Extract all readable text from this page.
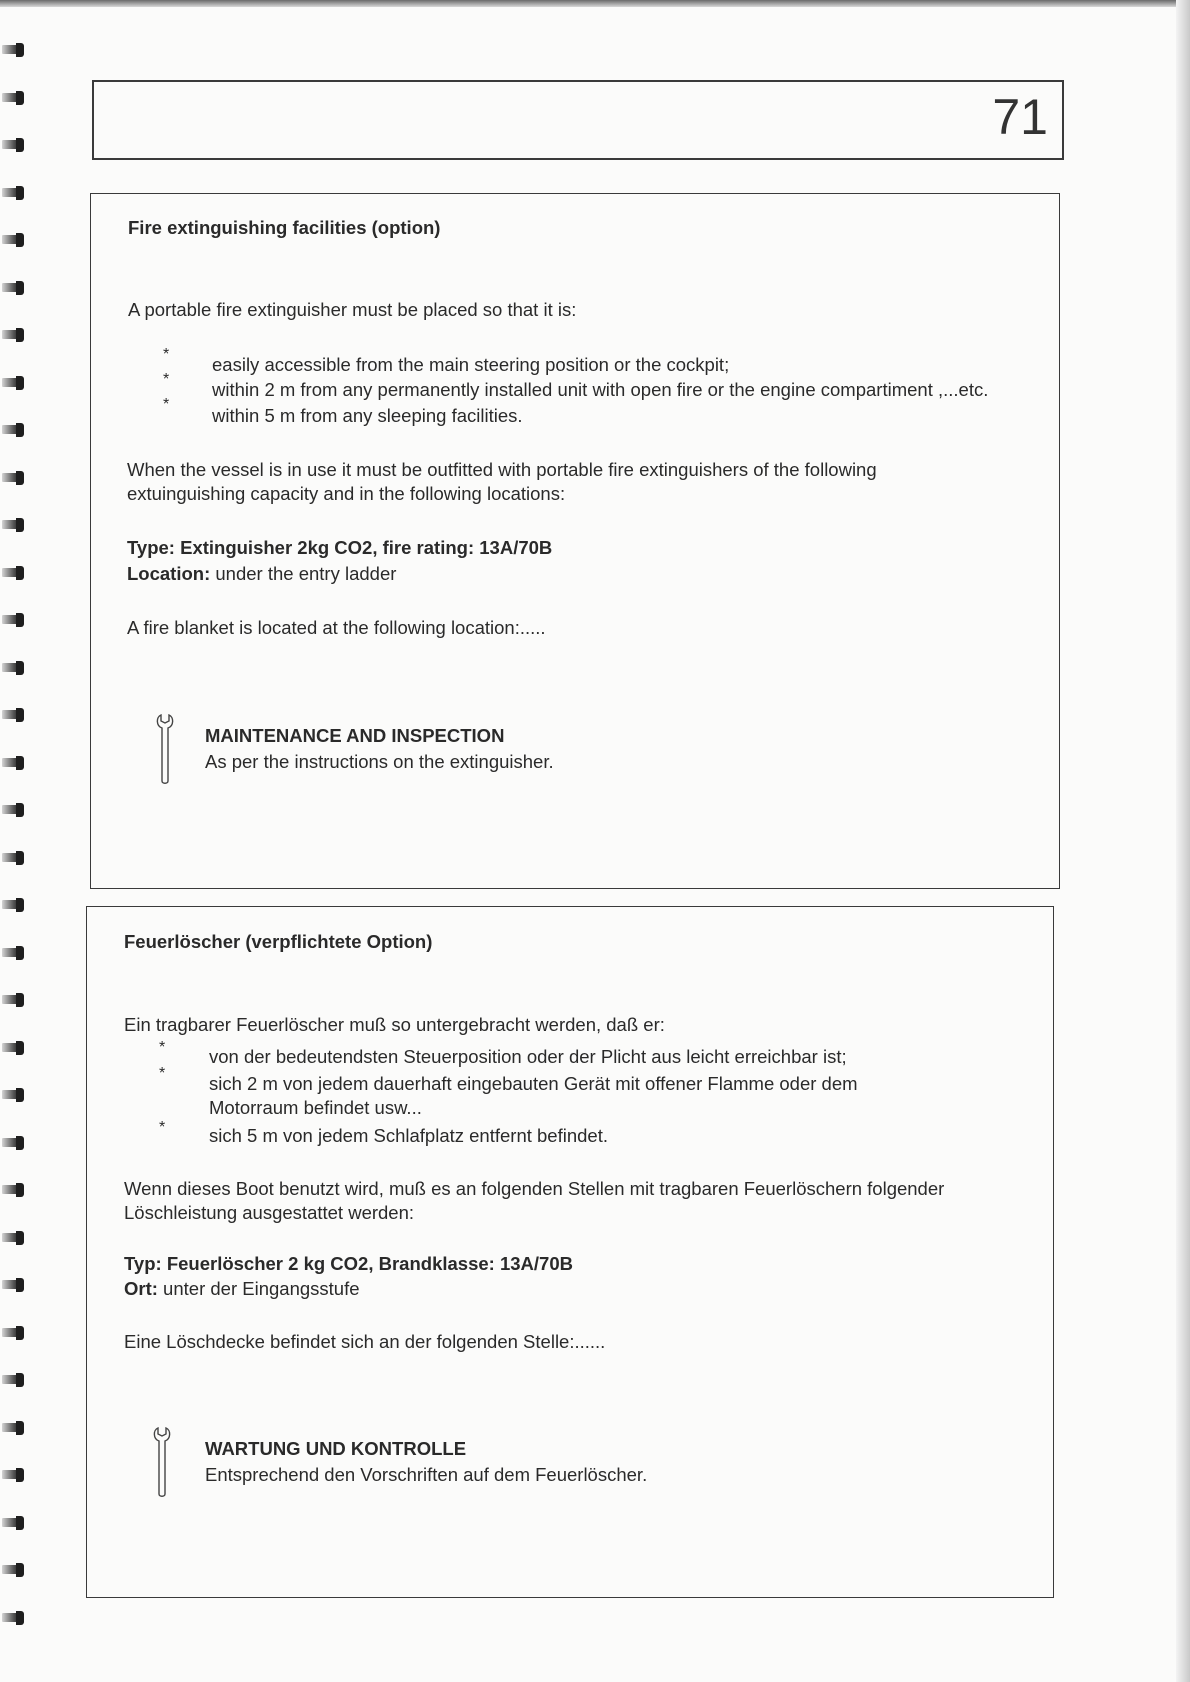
71
Fire extinguishing facilities (option)
A portable fire extinguisher must be placed so that it is:
* easily accessible from the main steering position or the cockpit;
* within 2 m from any permanently installed unit with open fire or the engine compartiment ,...etc.
*
within 5 m from any sleeping facilities.
When the vessel is in use it must be outfitted with portable fire extinguishers of the following
extuinguishing capacity and in the following locations:
Type: Extinguisher 2kg CO2, fire rating: 13A/70B
Location: under the entry ladder
A fire blanket is located at the following location:.....
MAINTENANCE AND INSPECTION
As per the instructions on the extinguisher.
Feuerlöscher (verpflichtete Option)
Ein tragbarer Feuerlöscher muß so untergebracht werden, daß er:
* von der bedeutendsten Steuerposition oder der Plicht aus leicht erreichbar ist;
* sich 2 m von jedem dauerhaft eingebauten Gerät mit offener Flamme oder dem
Motorraum befindet usw...
* sich 5 m von jedem Schlafplatz entfernt befindet.
Wenn dieses Boot benutzt wird, muß es an folgenden Stellen mit tragbaren Feuerlöschern folgender
Löschleistung ausgestattet werden:
Typ: Feuerlöscher 2 kg CO2, Brandklasse: 13A/70B
Ort: unter der Eingangsstufe
Eine Löschdecke befindet sich an der folgenden Stelle:......
WARTUNG UND KONTROLLE
Entsprechend den Vorschriften auf dem Feuerlöscher.
